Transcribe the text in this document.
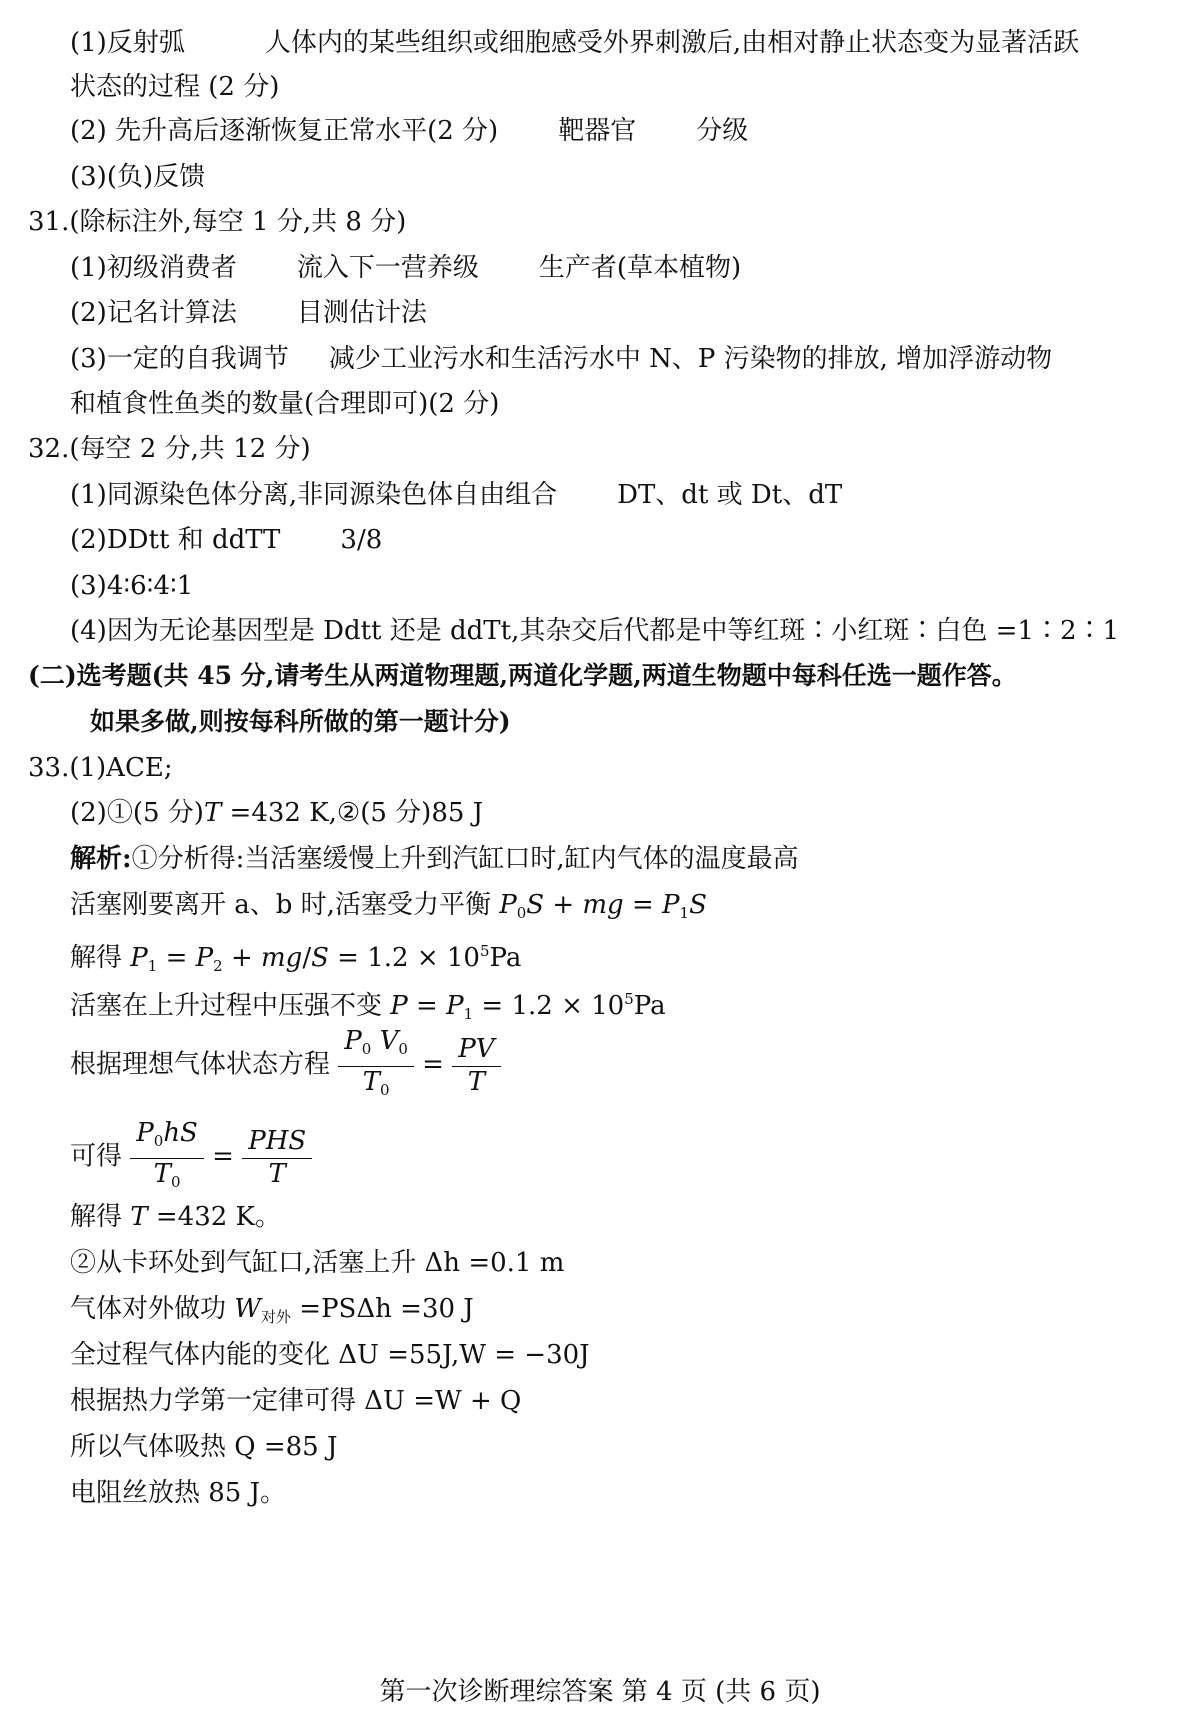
(1)反射弧	人体内的某些组织或细胞感受外界刺激后,由相对静止状态变为显著活跃
状态的过程 (2 分)
(2) 先升高后逐渐恢复正常水平(2 分) 靶器官 分级
(3)(负)反馈
31.(除标注外,每空 1 分,共 8 分)
(1)初级消费者 流入下一营养级 生产者(草本植物)
(2)记名计算法 目测估计法
(3)一定的自我调节 减少工业污水和生活污水中 N、P 污染物的排放, 增加浮游动物
和植食性鱼类的数量(合理即可)(2 分)
32.(每空 2 分,共 12 分)
(1)同源染色体分离,非同源染色体自由组合 DT、dt 或 Dt、dT
(2)DDtt 和 ddTT 3/8
(3)4∶6∶4∶1
(4)因为无论基因型是 Ddtt 还是 ddTt,其杂交后代都是中等红斑∶小红斑∶白色 =1∶2∶1
(二)选考题(共 45 分,请考生从两道物理题,两道化学题,两道生物题中每科任选一题作答。
如果多做,则按每科所做的第一题计分)
33.(1)ACE;
(2)①(5 分)T =432 K,②(5 分)85 J
解析:①分析得:当活塞缓慢上升到汽缸口时,缸内气体的温度最高
活塞刚要离开 a、b 时,活塞受力平衡 $P_0S$ + mg = $P_1S$
解得 $P_1 = P_2 + mg/S = 1.2 \times 10^5Pa$
活塞在上升过程中压强不变 $P = P_1 = 1.2 \times 10^5Pa$
根据理想气体状态方程 $\frac{P_0 V_0}{T_0} = \frac{PV}{T}$
可得 $\frac{P_0hS}{T_0} = \frac{\text{PHS}}{T}$
解得 T =432 K。
②从卡环处到气缸口,活塞上升 Δh =0.1 m
气体对外做功 $W_{对外} =PS\Delta h =30$ J
全过程气体内能的变化 ΔU =55J,W = −30J
根据热力学第一定律可得 ΔU =W + Q
所以气体吸热 Q =85 J
电阻丝放热 85 J。
第一次诊断理综答案 第 4 页 (共 6 页)
